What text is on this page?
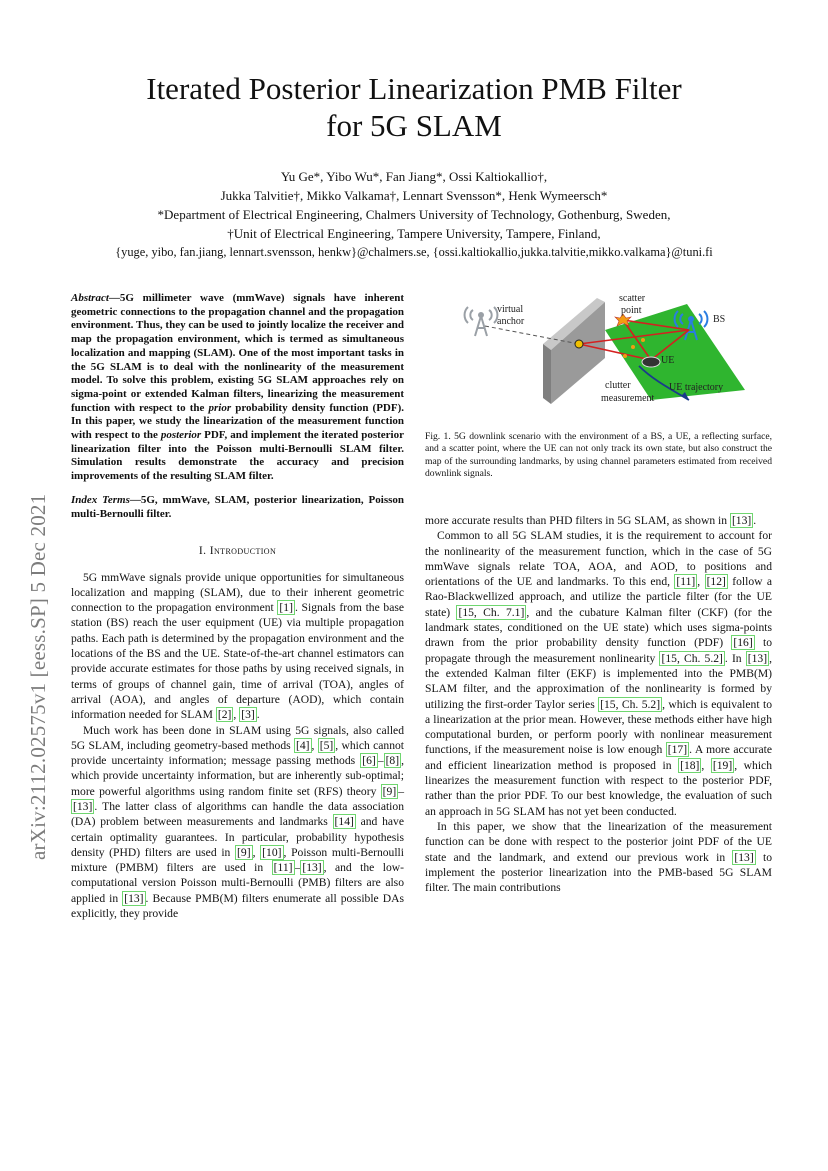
Iterated Posterior Linearization PMB Filter
for 5G SLAM
Yu Ge*, Yibo Wu*, Fan Jiang*, Ossi Kaltiokallio†,
Jukka Talvitie†, Mikko Valkama†, Lennart Svensson*, Henk Wymeersch*
*Department of Electrical Engineering, Chalmers University of Technology, Gothenburg, Sweden,
†Unit of Electrical Engineering, Tampere University, Tampere, Finland,
{yuge, yibo, fan.jiang, lennart.svensson, henkw}@chalmers.se, {ossi.kaltiokallio,jukka.talvitie,mikko.valkama}@tuni.fi
arXiv:2112.02575v1 [eess.SP] 5 Dec 2021

Abstract—5G millimeter wave (mmWave) signals have inherent geometric connections to the propagation channel and the propagation environment. Thus, they can be used to jointly localize the receiver and map the propagation environment, which is termed as simultaneous localization and mapping (SLAM). One of the most important tasks in the 5G SLAM is to deal with the nonlinearity of the measurement model. To solve this problem, existing 5G SLAM approaches rely on sigma-point or extended Kalman filters, linearizing the measurement function with respect to the prior probability density function (PDF). In this paper, we study the linearization of the measurement function with respect to the posterior PDF, and implement the iterated posterior linearization filter into the Poisson multi-Bernoulli SLAM filter. Simulation results demonstrate the accuracy and precision improvements of the resulting SLAM filter.

Index Terms—5G, mmWave, SLAM, posterior linearization, Poisson multi-Bernoulli filter.

I. Introduction

5G mmWave signals provide unique opportunities for simultaneous localization and mapping (SLAM), due to their inherent geometric connection to the propagation environment [1] . Signals from the base station (BS) reach the user equipment (UE) via multiple propagation paths. Each path is determined by the propagation environment and the locations of the BS and the UE. State-of-the-art channel estimators can provide accurate estimates for those paths by using received signals, in terms of groups of channel gain, time of arrival (TOA), angles of arrival (AOA), and angles of departure (AOD), which contain information needed for SLAM [2] , [3] .

Much work has been done in SLAM using 5G signals, also called 5G SLAM, including geometry-based methods [4] , [5] , which cannot provide uncertainty information; message passing methods [6] – [8] , which provide uncertainty information, but are inherently sub-optimal; more powerful algorithms using random finite set (RFS) theory [9] –[13] . The latter class of algorithms can handle the data association (DA) problem between measurements and landmarks [14] and have certain optimality guarantees. In particular, probability hypothesis density (PHD) filters are used in [9] , [10] , Poisson multi-Bernoulli mixture (PMBM) filters are used in [11] – [13] , and the low-computational version Poisson multi-Bernoulli (PMB) filters are also applied in [13] . Because PMB(M) filters enumerate all possible DAs explicitly, they provide

virtual
anchor
scatter
point
BS
UE
clutter
measurement
UE trajectory
Fig. 1. 5G downlink scenario with the environment of a BS, a UE, a reflecting surface, and a scatter point, where the UE can not only track its own state, but also construct the map of the surrounding landmarks, by using channel parameters estimated from received downlink signals.

more accurate results than PHD filters in 5G SLAM, as shown in [13] .

Common to all 5G SLAM studies, it is the requirement to account for the nonlinearity of the measurement function, which in the case of 5G mmWave signals relate TOA, AOA, and AOD, to positions and orientations of the UE and landmarks. To this end, [11] , [12] follow a Rao-Blackwellized approach, and utilize the particle filter (for the UE state) [15, Ch. 7.1] , and the cubature Kalman filter (CKF) (for the landmark states, conditioned on the UE state) which uses sigma-points drawn from the prior probability density function (PDF) [16] to propagate through the measurement nonlinearity [15, Ch. 5.2] . In [13] , the extended Kalman filter (EKF) is implemented into the PMB(M) SLAM filter, and the approximation of the nonlinearity is formed by utilizing the first-order Taylor series [15, Ch. 5.2] , which is equivalent to a linearization at the prior mean. However, these methods either have high computational burden, or perform poorly with nonlinear measurement functions, if the measurement noise is low enough [17] . A more accurate and efficient linearization method is proposed in [18] , [19] , which linearizes the measurement function with respect to the posterior PDF, rather than the prior PDF. To our best knowledge, the evaluation of such an approach in 5G SLAM has not yet been conducted.

In this paper, we show that the linearization of the measurement function can be done with respect to the posterior joint PDF of the UE state and the landmark, and extend our previous work in [13] to implement the posterior linearization into the PMB-based 5G SLAM filter. The main contributions
